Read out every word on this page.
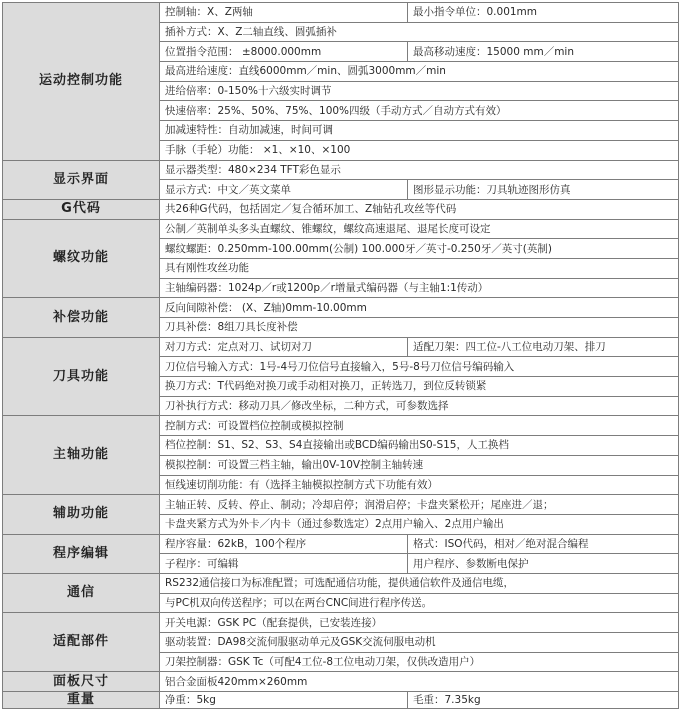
运动控制功能	控制轴：X、Z两轴	最小指令单位：0.001mm
	插补方式：X、Z二轴直线、圆弧插补	
	位置指令范围： ±8000.000mm	最高移动速度：15000 mm／min
	最高进给速度：直线6000mm／min、圆弧3000mm／min	
	进给倍率：0-150%十六级实时调节	
	快速倍率：25%、50%、75%、100%四级（手动方式／自动方式有效）	
	加减速特性：自动加减速，时间可调	
	手脉（手轮）功能： ×1、×10、×100	
显示界面	显示器类型：480×234 TFT彩色显示	
	显示方式：中文／英文菜单	图形显示功能：刀具轨迹图形仿真
G代码	共26种G代码，包括固定／复合循环加工、Z轴钻孔攻丝等代码	
螺纹功能	公制／英制单头多头直螺纹、锥螺纹，螺纹高速退尾、退尾长度可设定	
	螺纹螺距：0.250mm-100.00mm(公制) 100.000牙／英寸-0.250牙／英寸(英制)	
	具有刚性攻丝功能	
	主轴编码器：1024p／r或1200p／r增量式编码器（与主轴1:1传动）	
补偿功能	反向间隙补偿： (X、Z轴)0mm-10.00mm	
	刀具补偿：8组刀具长度补偿	
刀具功能	对刀方式：定点对刀、试切对刀	适配刀架：四工位-八工位电动刀架、排刀
	刀位信号输入方式：1号-4号刀位信号直接输入，5号-8号刀位信号编码输入	
	换刀方式：T代码绝对换刀或手动相对换刀，正转选刀，到位反转锁紧	
	刀补执行方式：移动刀具／修改坐标，二种方式，可参数选择	
主轴功能	控制方式：可设置档位控制或模拟控制	
	档位控制：S1、S2、S3、S4直接输出或BCD编码输出S0-S15，人工换档	
	模拟控制：可设置三档主轴，输出0V-10V控制主轴转速	
	恒线速切削功能：有（选择主轴模拟控制方式下功能有效）	
辅助功能	主轴正转、反转、停止、制动；冷却启停；润滑启停；卡盘夹紧松开；尾座进／退；	
	卡盘夹紧方式为外卡／内卡（通过参数选定）2点用户输入、2点用户输出	
程序编辑	程序容量：62kB，100个程序	格式：ISO代码，相对／绝对混合编程
	子程序：可编辑	用户程序、参数断电保护
通信	RS232通信接口为标准配置；可选配通信功能，提供通信软件及通信电缆，	
	与PC机双向传送程序；可以在两台CNC间进行程序传送。	
适配部件	开关电源：GSK PC（配套提供，已安装连接）	
	驱动装置：DA98交流伺服驱动单元及GSK交流伺服电动机	
	刀架控制器：GSK Tc（可配4工位-8工位电动刀架，仅供改造用户）	
面板尺寸	铝合金面板420mm×260mm	
重量	净重：5kg	毛重：7.35kg
